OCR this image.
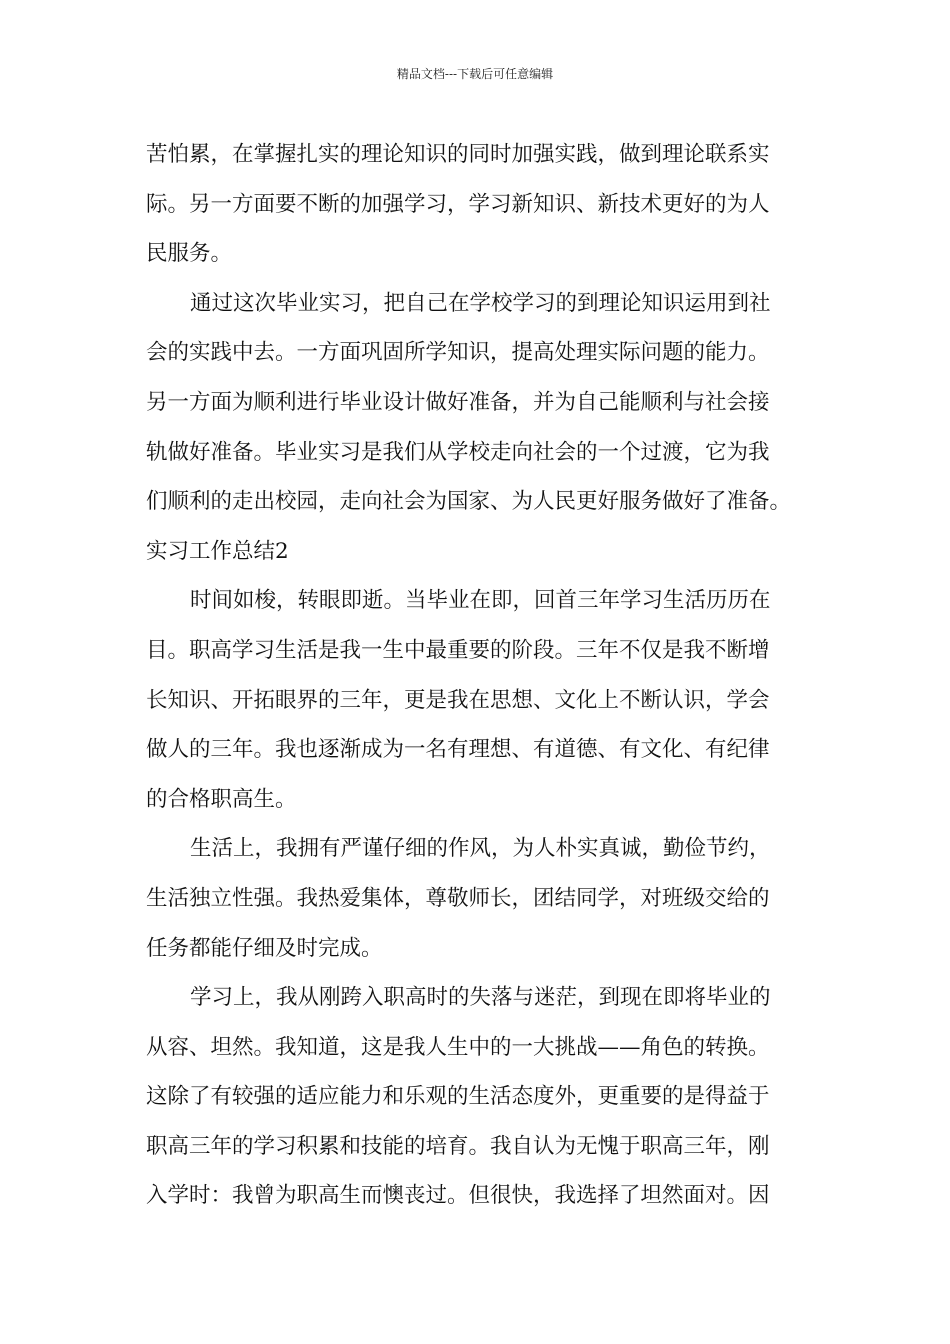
精品文档---下载后可任意编辑
苦怕累，在掌握扎实的理论知识的同时加强实践，做到理论联系实
际。另一方面要不断的加强学习，学习新知识、新技术更好的为人
民服务。
通过这次毕业实习，把自己在学校学习的到理论知识运用到社
会的实践中去。一方面巩固所学知识，提高处理实际问题的能力。
另一方面为顺利进行毕业设计做好准备，并为自己能顺利与社会接
轨做好准备。毕业实习是我们从学校走向社会的一个过渡，它为我
们顺利的走出校园，走向社会为国家、为人民更好服务做好了准备。
实习工作总结2
时间如梭，转眼即逝。当毕业在即，回首三年学习生活历历在
目。职高学习生活是我一生中最重要的阶段。三年不仅是我不断增
长知识、开拓眼界的三年，更是我在思想、文化上不断认识，学会
做人的三年。我也逐渐成为一名有理想、有道德、有文化、有纪律
的合格职高生。
生活上，我拥有严谨仔细的作风，为人朴实真诚，勤俭节约，
生活独立性强。我热爱集体，尊敬师长，团结同学，对班级交给的
任务都能仔细及时完成。
学习上，我从刚跨入职高时的失落与迷茫，到现在即将毕业的
从容、坦然。我知道，这是我人生中的一大挑战——角色的转换。
这除了有较强的适应能力和乐观的生活态度外，更重要的是得益于
职高三年的学习积累和技能的培育。我自认为无愧于职高三年，刚
入学时：我曾为职高生而懊丧过。但很快，我选择了坦然面对。因
